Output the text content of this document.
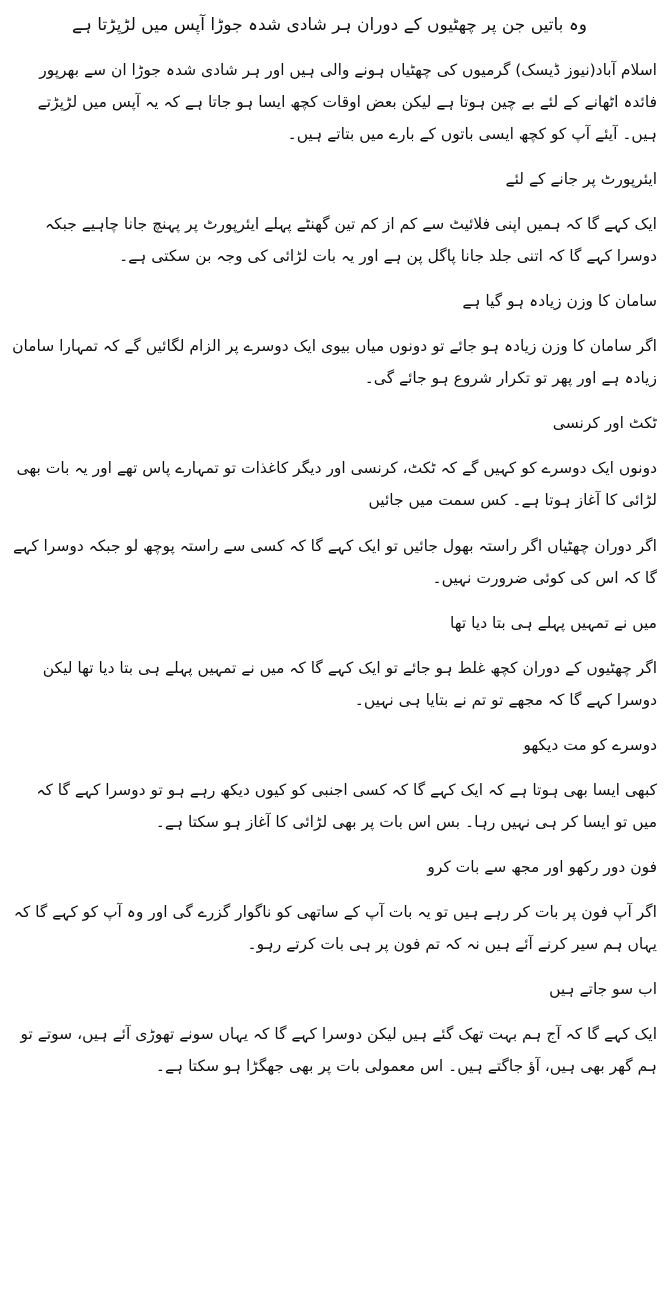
وہ باتیں جن پر چھٹیوں کے دوران ہر شادی شدہ جوڑا آپس میں لڑپڑتا ہے

اسلام آباد(نیوز ڈیسک) گرمیوں کی چھٹیاں ہونے والی ہیں اور ہر شادی شدہ جوڑا ان سے بھرپور فائدہ اٹھانے کے لئے بے چین ہوتا ہے لیکن بعض اوقات کچھ ایسا ہو جاتا ہے کہ یہ آپس میں لڑپڑتے ہیں۔ آیئے آپ کو کچھ ایسی باتوں کے بارے میں بتاتے ہیں۔

ایئرپورٹ پر جانے کے لئے

ایک کہے گا کہ ہمیں اپنی فلائیٹ سے کم از کم تین گھنٹے پہلے ایئرپورٹ پر پہنچ جانا چاہیے جبکہ دوسرا کہے گا کہ اتنی جلد جانا پاگل پن ہے اور یہ بات لڑائی کی وجہ بن سکتی ہے۔

سامان کا وزن زیادہ ہو گیا ہے

اگر سامان کا وزن زیادہ ہو جائے تو دونوں میاں بیوی ایک دوسرے پر الزام لگائیں گے کہ تمہارا سامان زیادہ ہے اور پھر تو تکرار شروع ہو جائے گی۔

ٹکٹ اور کرنسی

دونوں ایک دوسرے کو کہیں گے کہ ٹکٹ، کرنسی اور دیگر کاغذات تو تمہارے پاس تھے اور یہ بات بھی لڑائی کا آغاز ہوتا ہے۔ کس سمت میں جائیں

اگر دوران چھٹیاں اگر راستہ بھول جائیں تو ایک کہے گا کہ کسی سے راستہ پوچھ لو جبکہ دوسرا کہے گا کہ اس کی کوئی ضرورت نہیں۔

میں نے تمہیں پہلے ہی بتا دیا تھا

اگر چھٹیوں کے دوران کچھ غلط ہو جائے تو ایک کہے گا کہ میں نے تمہیں پہلے ہی بتا دیا تھا لیکن دوسرا کہے گا کہ مجھے تو تم نے بتایا ہی نہیں۔

دوسرے کو مت دیکھو

کبھی ایسا بھی ہوتا ہے کہ ایک کہے گا کہ کسی اجنبی کو کیوں دیکھ رہے ہو تو دوسرا کہے گا کہ میں تو ایسا کر ہی نہیں رہا۔ بس اس بات پر بھی لڑائی کا آغاز ہو سکتا ہے۔

فون دور رکھو اور مجھ سے بات کرو

اگر آپ فون پر بات کر رہے ہیں تو یہ بات آپ کے ساتھی کو ناگوار گزرے گی اور وہ آپ کو کہے گا کہ یہاں ہم سیر کرنے آئے ہیں نہ کہ تم فون پر ہی بات کرتے رہو۔

اب سو جاتے ہیں

ایک کہے گا کہ آج ہم بہت تھک گئے ہیں لیکن دوسرا کہے گا کہ یہاں سونے تھوڑی آئے ہیں، سوتے تو ہم گھر بھی ہیں، آؤ جاگتے ہیں۔ اس معمولی بات پر بھی جھگڑا ہو سکتا ہے۔
